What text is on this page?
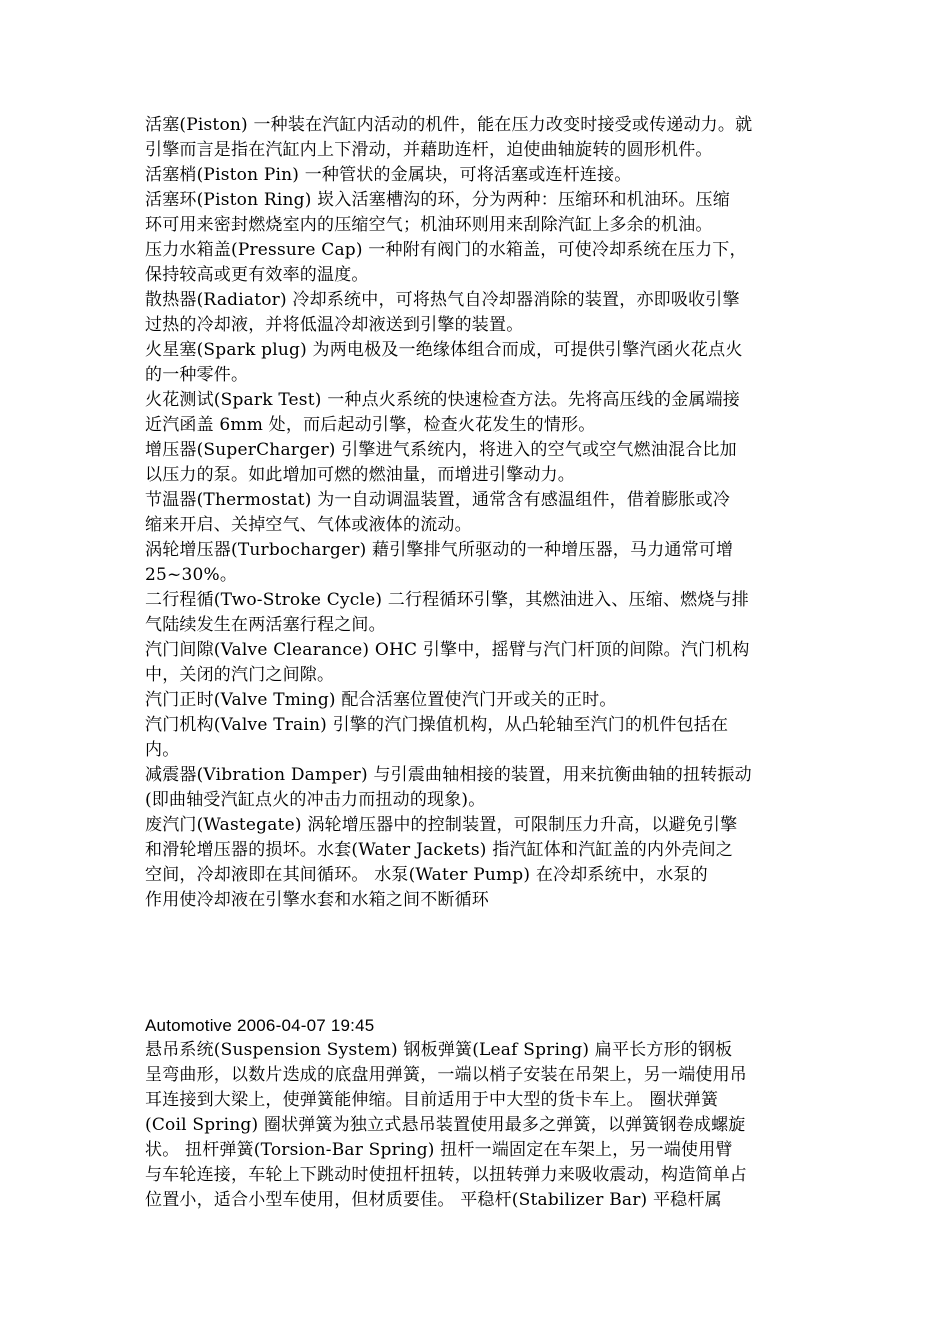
活塞(Piston) 一种装在汽缸内活动的机件，能在压力改变时接受或传递动力。就
引擎而言是指在汽缸内上下滑动，并藉助连杆，迫使曲轴旋转的圆形机件。
活塞梢(Piston Pin) 一种管状的金属块，可将活塞或连杆连接。
活塞环(Piston Ring) 崁入活塞槽沟的环，分为两种：压缩环和机油环。压缩
环可用来密封燃烧室内的压缩空气；机油环则用来刮除汽缸上多余的机油。
压力水箱盖(Pressure Cap) 一种附有阀门的水箱盖，可使冷却系统在压力下，
保持较高或更有效率的温度。
散热器(Radiator) 冷却系统中，可将热气自冷却器消除的装置，亦即吸收引擎
过热的冷却液，并将低温冷却液送到引擎的装置。
火星塞(Spark plug) 为两电极及一绝缘体组合而成，可提供引擎汽函火花点火
的一种零件。
火花测试(Spark Test) 一种点火系统的快速检查方法。先将高压线的金属端接
近汽函盖 6mm 处，而后起动引擎，检查火花发生的情形。
增压器(SuperCharger) 引擎进气系统内，将进入的空气或空气燃油混合比加
以压力的泵。如此增加可燃的燃油量，而增进引擎动力。
节温器(Thermostat) 为一自动调温装置，通常含有感温组件，借着膨胀或冷
缩来开启、关掉空气、气体或液体的流动。
涡轮增压器(Turbocharger) 藉引擎排气所驱动的一种增压器，马力通常可增
25~30%。
二行程循(Two-Stroke Cycle) 二行程循环引擎，其燃油进入、压缩、燃烧与排
气陆续发生在两活塞行程之间。
汽门间隙(Valve Clearance) OHC 引擎中，摇臂与汽门杆顶的间隙。汽门机构
中，关闭的汽门之间隙。
汽门正时(Valve Tming) 配合活塞位置使汽门开或关的正时。
汽门机构(Valve Train) 引擎的汽门操值机构，从凸轮轴至汽门的机件包括在
内。
减震器(Vibration Damper) 与引震曲轴相接的装置，用来抗衡曲轴的扭转振动
(即曲轴受汽缸点火的冲击力而扭动的现象)。
废汽门(Wastegate) 涡轮增压器中的控制装置，可限制压力升高，以避免引擎
和滑轮增压器的损坏。水套(Water Jackets) 指汽缸体和汽缸盖的内外壳间之
空间，冷却液即在其间循环。 水泵(Water Pump) 在冷却系统中，水泵的
作用使冷却液在引擎水套和水箱之间不断循环
Automotive 2006-04-07 19:45
悬吊系统(Suspension System) 钢板弹簧(Leaf Spring) 扁平长方形的钢板
呈弯曲形，以数片迭成的底盘用弹簧，一端以梢子安装在吊架上，另一端使用吊
耳连接到大梁上，使弹簧能伸缩。目前适用于中大型的货卡车上。 圈状弹簧
(Coil Spring) 圈状弹簧为独立式悬吊装置使用最多之弹簧，以弹簧钢卷成螺旋
状。 扭杆弹簧(Torsion-Bar Spring) 扭杆一端固定在车架上，另一端使用臂
与车轮连接，车轮上下跳动时使扭杆扭转，以扭转弹力来吸收震动，构造简单占
位置小，适合小型车使用，但材质要佳。 平稳杆(Stabilizer Bar) 平稳杆属
